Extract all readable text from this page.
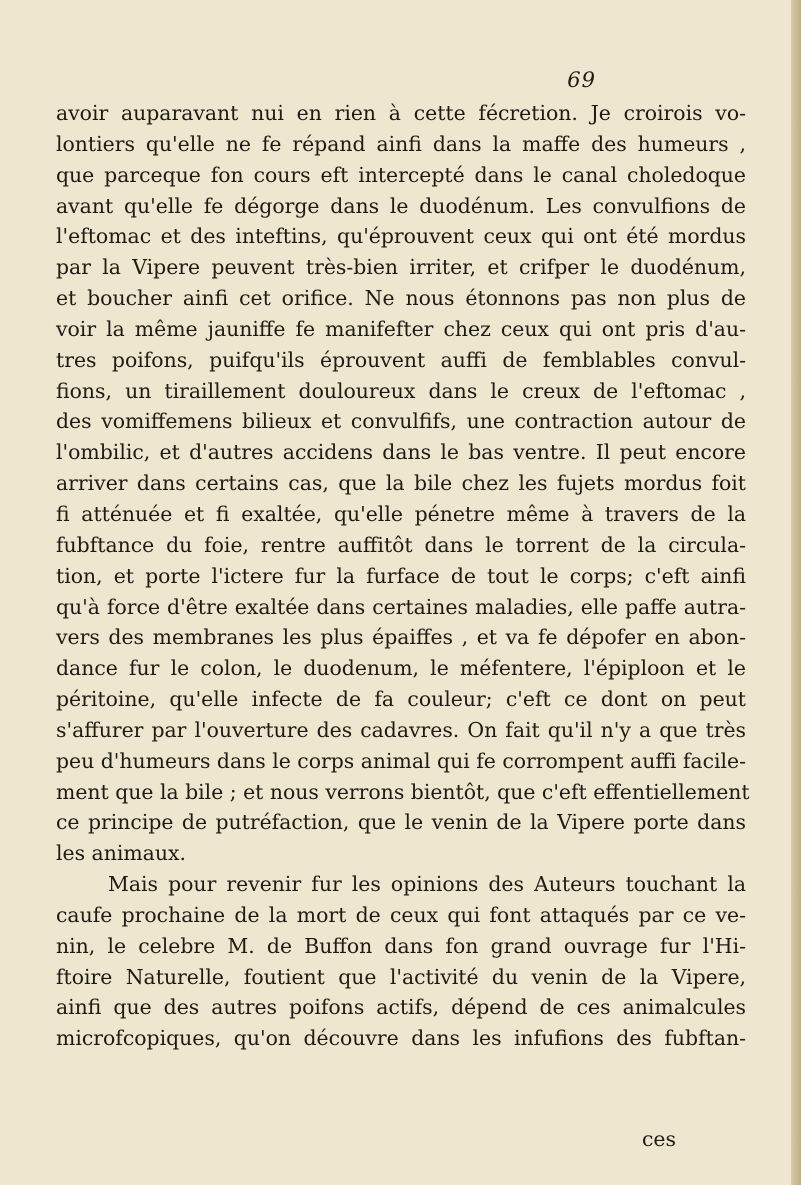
69
avoir auparavant nui en rien à cette fécretion. Je croirois vo-
lontiers qu'elle ne fe répand ainfi dans la maffe des humeurs ,
que parceque fon cours eft intercepté dans le canal choledoque
avant qu'elle fe dégorge dans le duodénum. Les convulfions de
l'eftomac et des inteftins, qu'éprouvent ceux qui ont été mordus
par la Vipere peuvent très-bien irriter, et crifper le duodénum,
et boucher ainfi cet orifice. Ne nous étonnons pas non plus de
voir la même jauniffe fe manifefter chez ceux qui ont pris d'au-
tres poifons, puifqu'ils éprouvent auffi de femblables convul-
fions, un tiraillement douloureux dans le creux de l'eftomac ,
des vomiffemens bilieux et convulfifs, une contraction autour de
l'ombilic, et d'autres accidens dans le bas ventre. Il peut encore
arriver dans certains cas, que la bile chez les fujets mordus foit
fi atténuée et fi exaltée, qu'elle pénetre même à travers de la
fubftance du foie, rentre auffitôt dans le torrent de la circula-
tion, et porte l'ictere fur la furface de tout le corps; c'eft ainfi
qu'à force d'être exaltée dans certaines maladies, elle paffe autra-
vers des membranes les plus épaiffes , et va fe dépofer en abon-
dance fur le colon, le duodenum, le méfentere, l'épiploon et le
péritoine, qu'elle infecte de fa couleur; c'eft ce dont on peut
s'affurer par l'ouverture des cadavres. On fait qu'il n'y a que très
peu d'humeurs dans le corps animal qui fe corrompent auffi facile-
ment que la bile ; et nous verrons bientôt, que c'eft effentiellement
ce principe de putréfaction, que le venin de la Vipere porte dans
les animaux.
Mais pour revenir fur les opinions des Auteurs touchant la
caufe prochaine de la mort de ceux qui font attaqués par ce ve-
nin, le celebre M. de Buffon dans fon grand ouvrage fur l'Hi-
ftoire Naturelle, foutient que l'activité du venin de la Vipere,
ainfi que des autres poifons actifs, dépend de ces animalcules
microfcopiques, qu'on découvre dans les infufions des fubftan-
ces
